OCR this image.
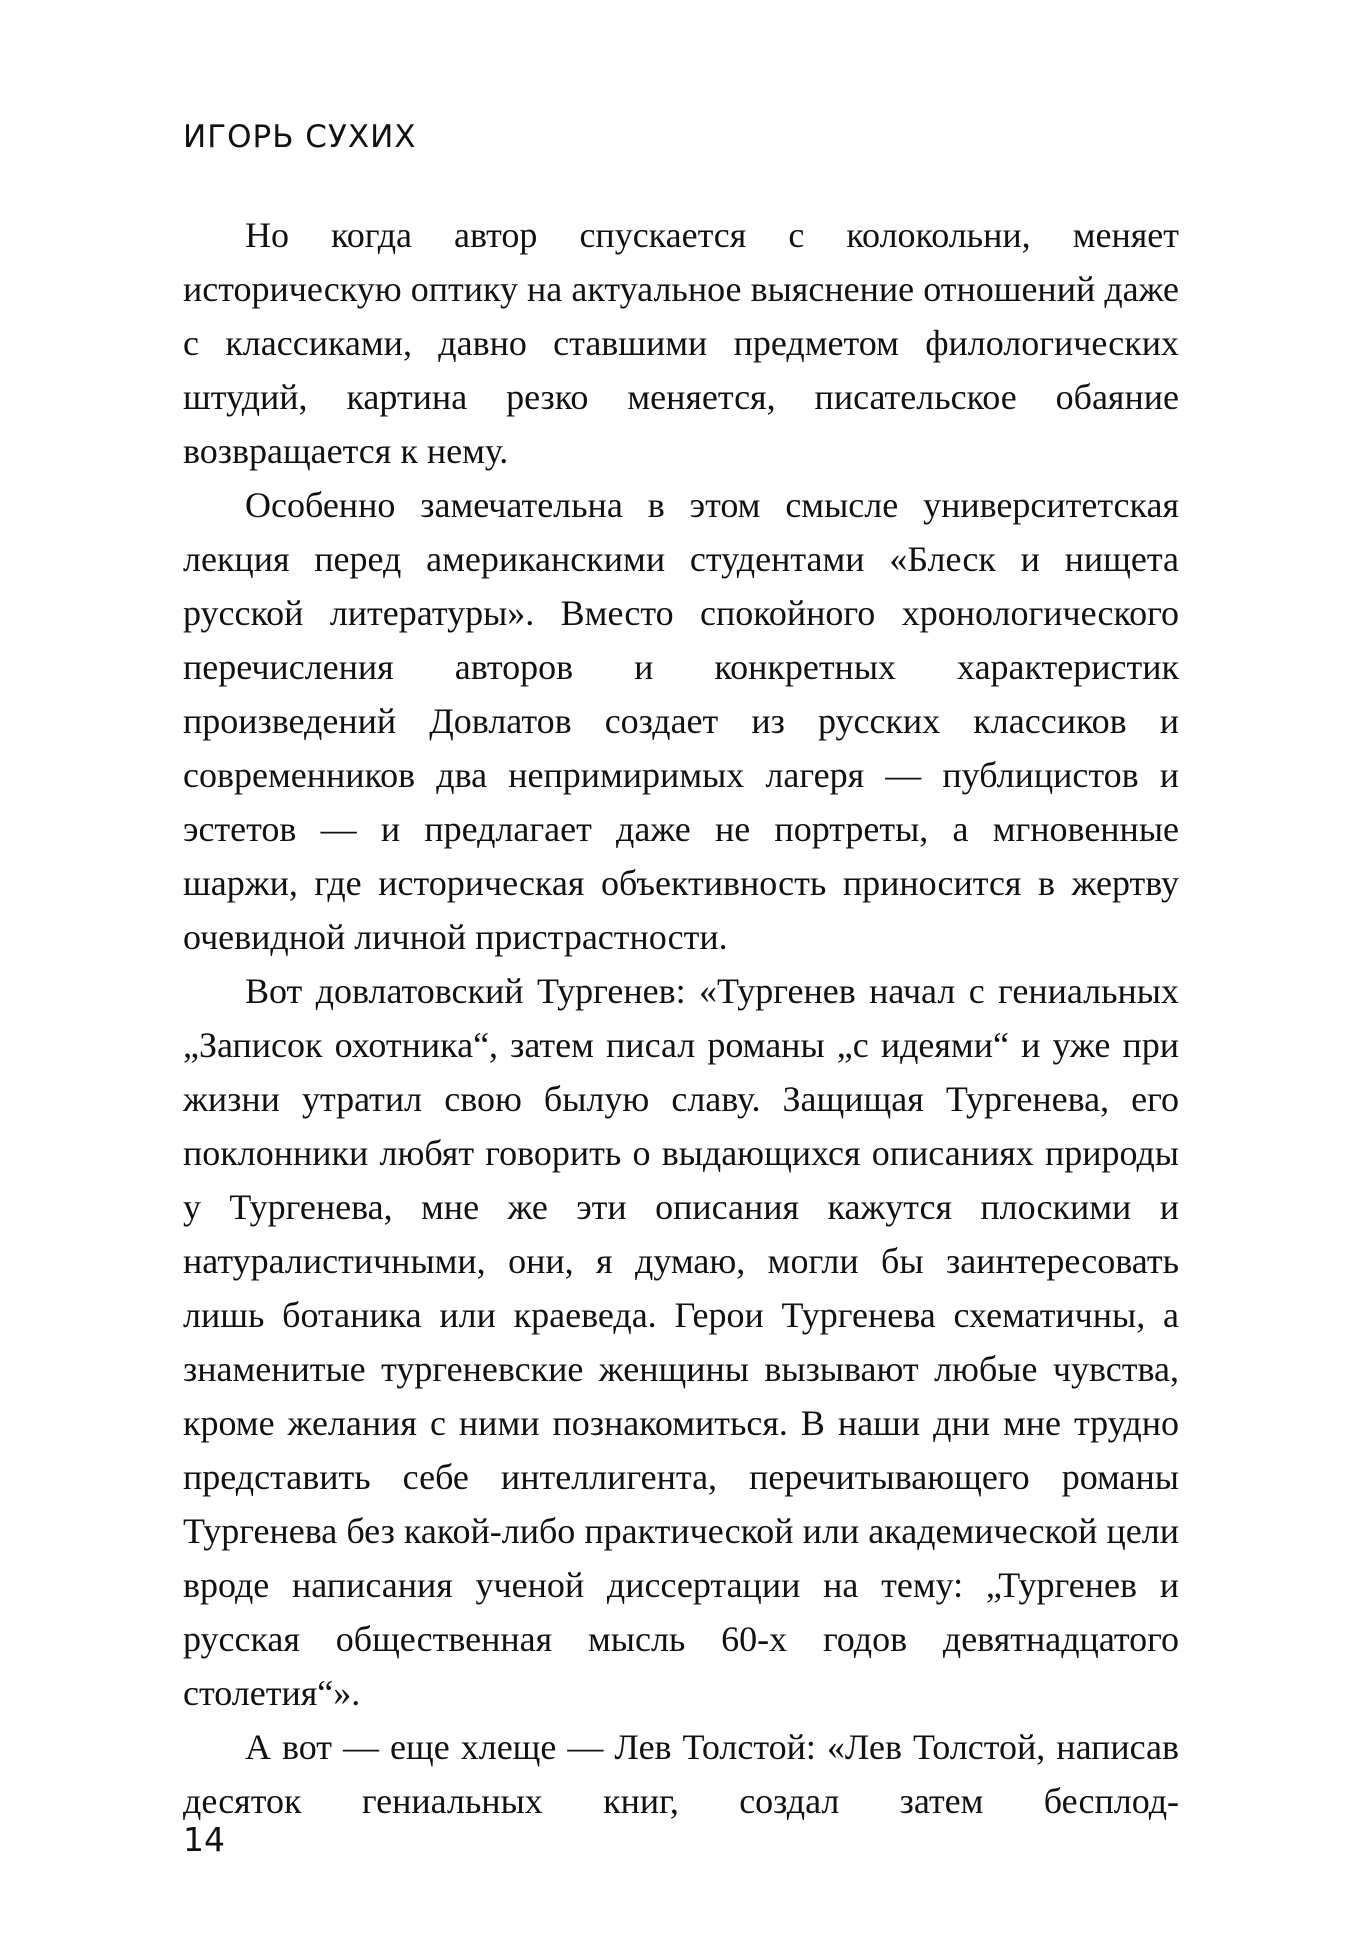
ИГОРЬ СУХИХ

Но когда автор спускается с колокольни, меняет историческую оптику на актуальное выяснение отношений даже с классиками, давно ставшими предметом филологических штудий, картина резко меняется, писательское обаяние возвращается к нему.

Особенно замечательна в этом смысле университетская лекция перед американскими студентами «Блеск и нищета русской литературы». Вместо спокойного хронологического перечисления авторов и конкретных характеристик произведений Довлатов создает из русских классиков и современников два непримиримых лагеря — публицистов и эстетов — и предлагает даже не портреты, а мгновенные шаржи, где историческая объективность приносится в жертву очевидной личной пристрастности.

Вот довлатовский Тургенев: «Тургенев начал с гениальных „Записок охотника“, затем писал романы „с идеями“ и уже при жизни утратил свою былую славу. Защищая Тургенева, его поклонники любят говорить о выдающихся описаниях природы у Тургенева, мне же эти описания кажутся плоскими и натуралистичными, они, я думаю, могли бы заинтересовать лишь ботаника или краеведа. Герои Тургенева схематичны, а знаменитые тургеневские женщины вызывают любые чувства, кроме желания с ними познакомиться. В наши дни мне трудно представить себе интеллигента, перечитывающего романы Тургенева без какой-либо практической или академической цели вроде написания ученой диссертации на тему: „Тургенев и русская общественная мысль 60-х годов девятнадцатого столетия“».

А вот — еще хлеще — Лев Толстой: «Лев Толстой, написав десяток гениальных книг, создал затем бесплод-

14
